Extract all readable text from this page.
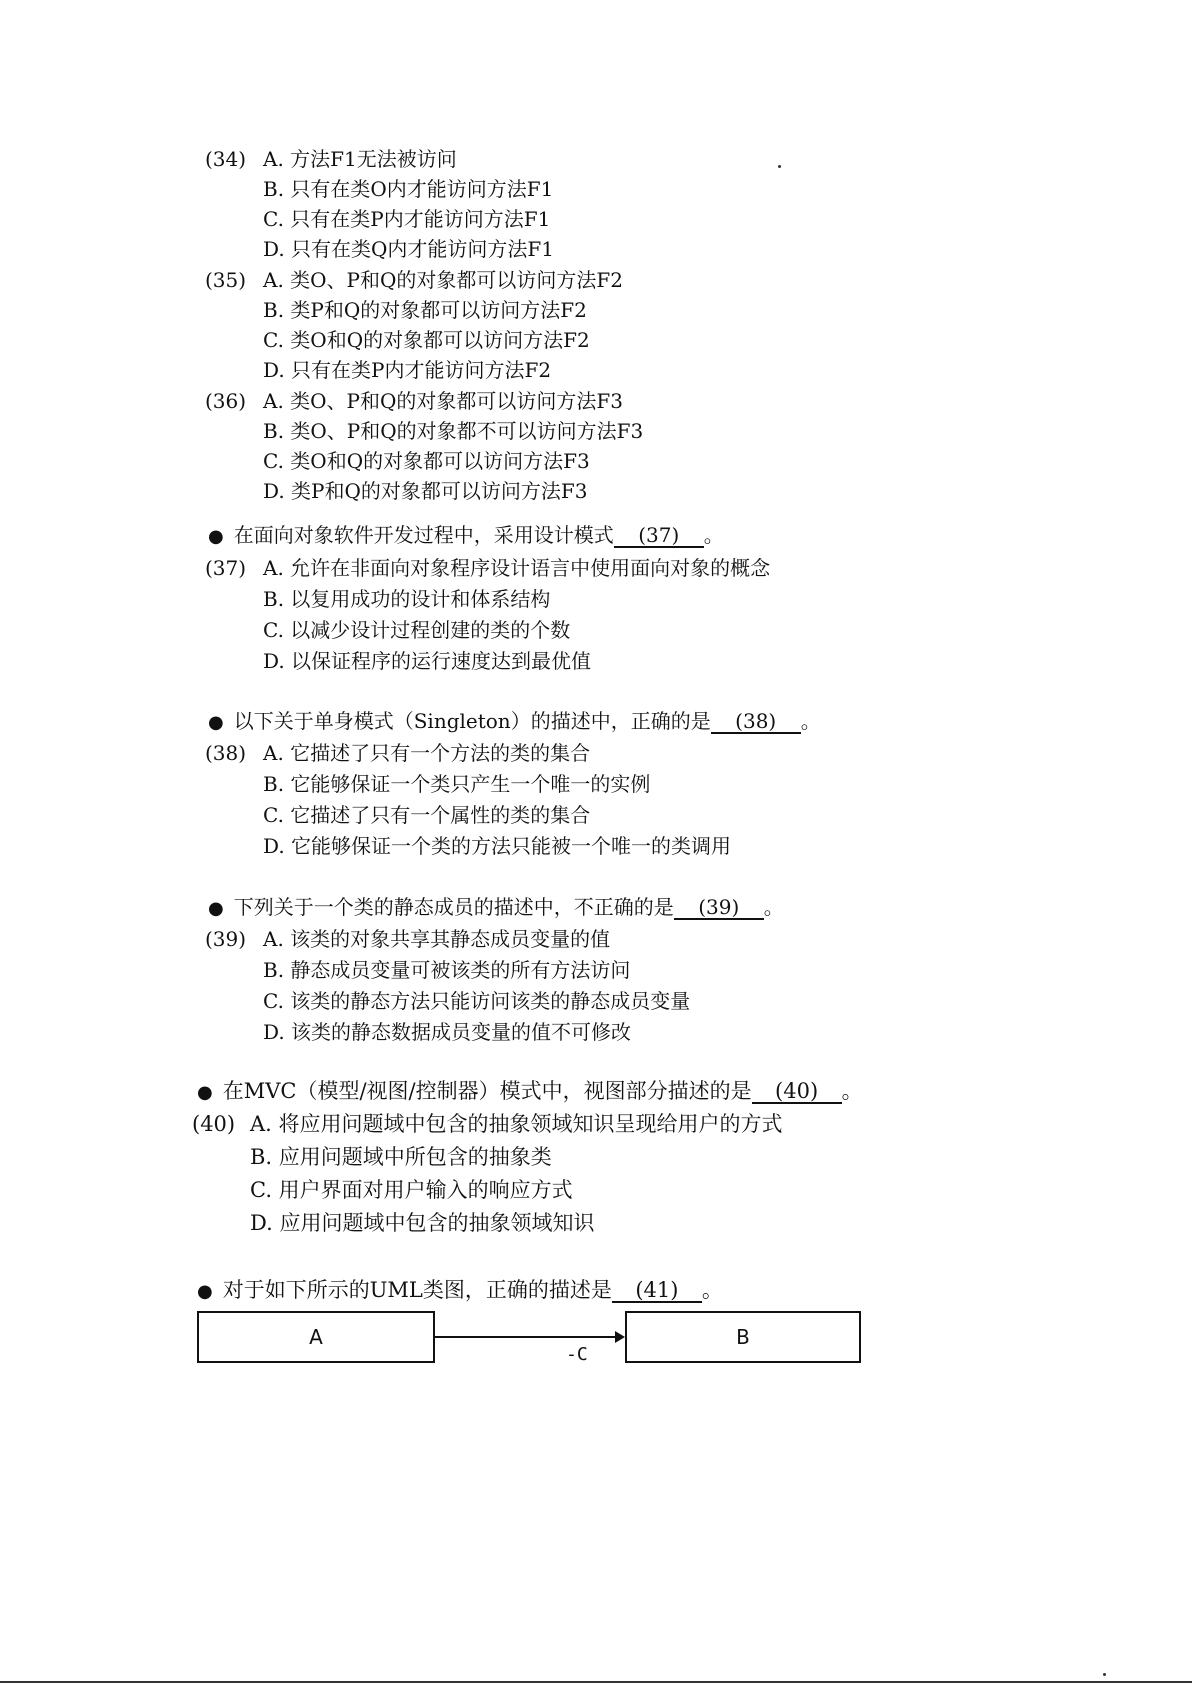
(34) A. 方法F1无法被访问
B. 只有在类O内才能访问方法F1
C. 只有在类P内才能访问方法F1
D. 只有在类Q内才能访问方法F1
(35) A. 类O、P和Q的对象都可以访问方法F2
B. 类P和Q的对象都可以访问方法F2
C. 类O和Q的对象都可以访问方法F2
D. 只有在类P内才能访问方法F2
(36) A. 类O、P和Q的对象都可以访问方法F3
B. 类O、P和Q的对象都不可以访问方法F3
C. 类O和Q的对象都可以访问方法F3
D. 类P和Q的对象都可以访问方法F3
● 在面向对象软件开发过程中，采用设计模式 (37) 。
(37) A. 允许在非面向对象程序设计语言中使用面向对象的概念
B. 以复用成功的设计和体系结构
C. 以减少设计过程创建的类的个数
D. 以保证程序的运行速度达到最优值
● 以下关于单身模式（Singleton）的描述中，正确的是 (38) 。
(38) A. 它描述了只有一个方法的类的集合
B. 它能够保证一个类只产生一个唯一的实例
C. 它描述了只有一个属性的类的集合
D. 它能够保证一个类的方法只能被一个唯一的类调用
● 下列关于一个类的静态成员的描述中，不正确的是 (39) 。
(39) A. 该类的对象共享其静态成员变量的值
B. 静态成员变量可被该类的所有方法访问
C. 该类的静态方法只能访问该类的静态成员变量
D. 该类的静态数据成员变量的值不可修改
● 在MVC（模型/视图/控制器）模式中，视图部分描述的是 (40) 。
(40) A. 将应用问题域中包含的抽象领域知识呈现给用户的方式
B. 应用问题域中所包含的抽象类
C. 用户界面对用户输入的响应方式
D. 应用问题域中包含的抽象领域知识
● 对于如下所示的UML类图，正确的描述是 (41) 。
A	B
-C
